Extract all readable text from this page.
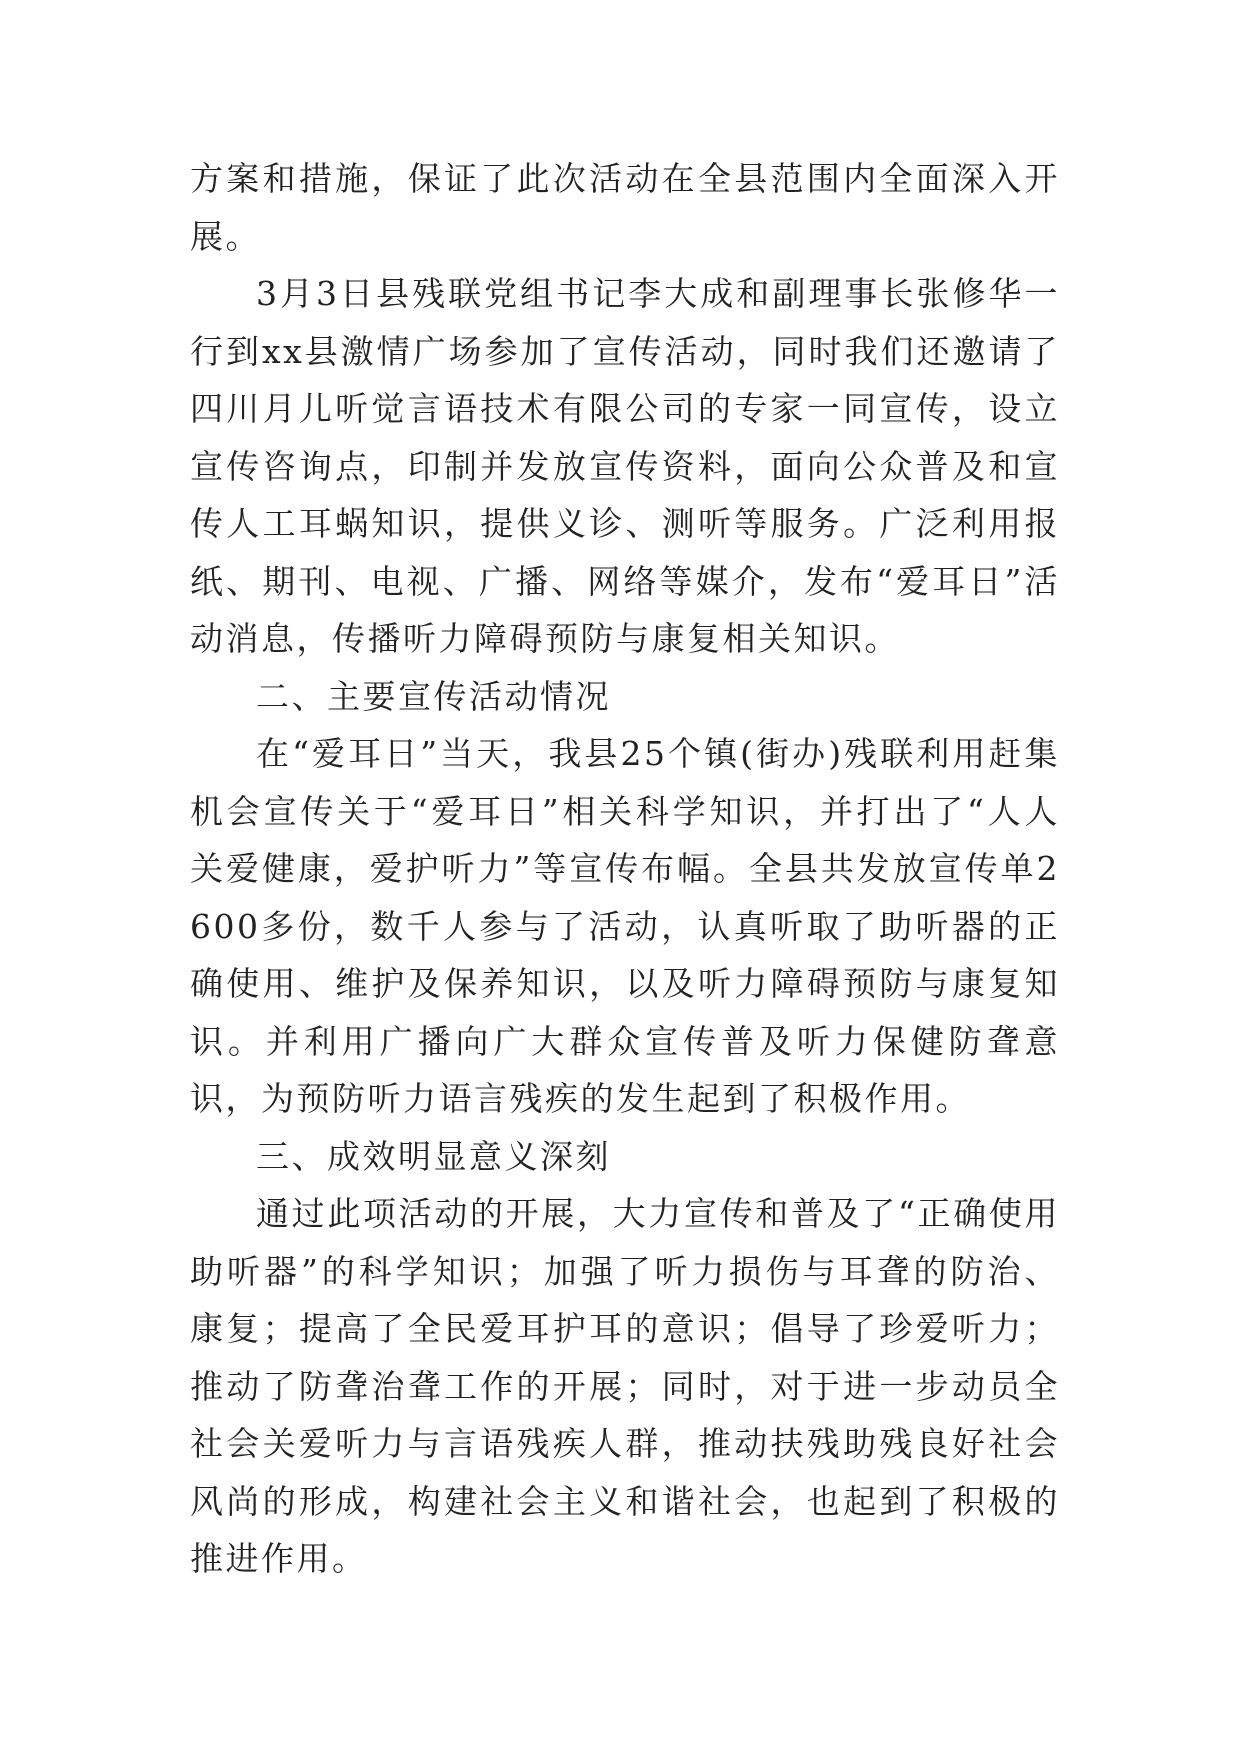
方案和措施，保证了此次活动在全县范围内全面深入开展。

3月3日县残联党组书记李大成和副理事长张修华一行到xx县激情广场参加了宣传活动，同时我们还邀请了四川月儿听觉言语技术有限公司的专家一同宣传，设立宣传咨询点，印制并发放宣传资料，面向公众普及和宣传人工耳蜗知识，提供义诊、测听等服务。广泛利用报纸、期刊、电视、广播、网络等媒介，发布“爱耳日”活动消息，传播听力障碍预防与康复相关知识。

二、主要宣传活动情况

在“爱耳日”当天，我县25个镇(街办)残联利用赶集机会宣传关于“爱耳日”相关科学知识，并打出了“人人关爱健康，爱护听力”等宣传布幅。全县共发放宣传单2600多份，数千人参与了活动，认真听取了助听器的正确使用、维护及保养知识，以及听力障碍预防与康复知识。并利用广播向广大群众宣传普及听力保健防聋意识，为预防听力语言残疾的发生起到了积极作用。

三、成效明显意义深刻

通过此项活动的开展，大力宣传和普及了“正确使用助听器”的科学知识；加强了听力损伤与耳聋的防治、康复；提高了全民爱耳护耳的意识；倡导了珍爱听力；推动了防聋治聋工作的开展；同时，对于进一步动员全社会关爱听力与言语残疾人群，推动扶残助残良好社会风尚的形成，构建社会主义和谐社会，也起到了积极的推进作用。
